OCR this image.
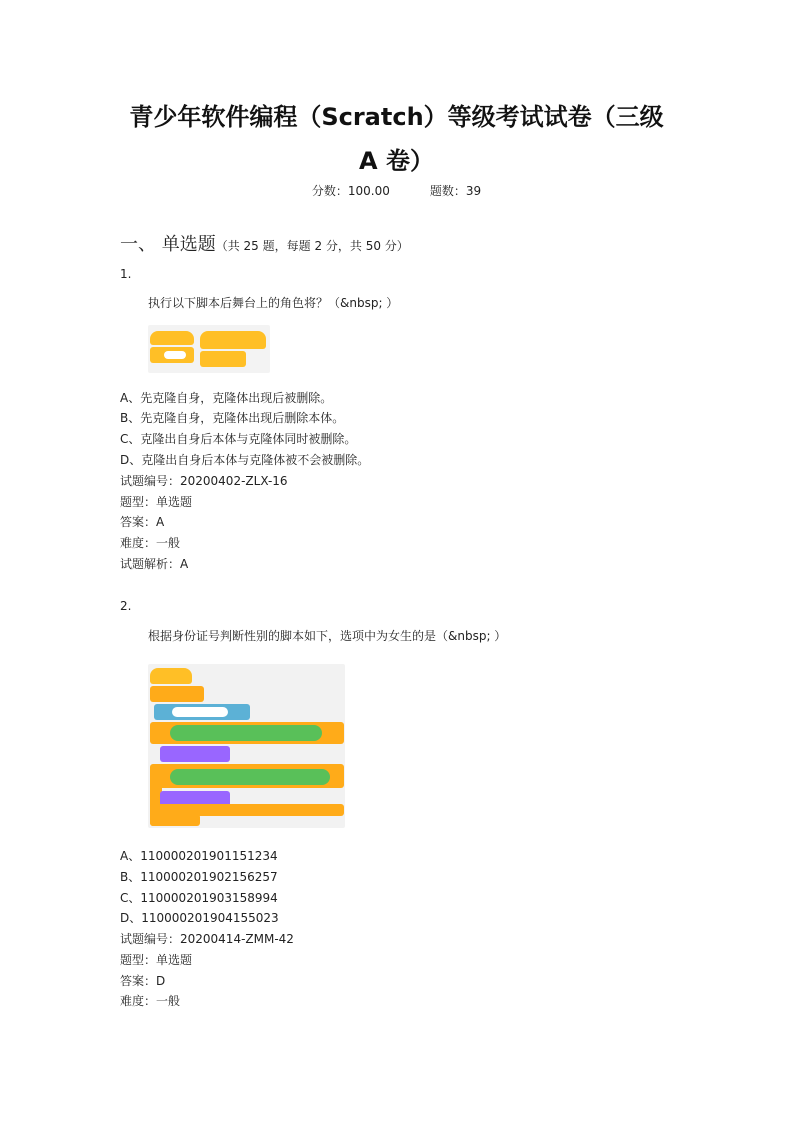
青少年软件编程（Scratch）等级考试试卷（三级
A 卷）
分数：100.00	题数：39
一、 单选题（共 25 题，每题 2 分，共 50 分）
1.
执行以下脚本后舞台上的角色将？（&nbsp; ）
A、先克隆自身，克隆体出现后被删除。
B、先克隆自身，克隆体出现后删除本体。
C、克隆出自身后本体与克隆体同时被删除。
D、克隆出自身后本体与克隆体被不会被删除。
试题编号：20200402-ZLX-16
题型：单选题
答案：A
难度：一般
试题解析：A
2.
根据身份证号判断性别的脚本如下，选项中为女生的是（&nbsp; ）
A、110000201901151234
B、110000201902156257
C、110000201903158994
D、110000201904155023
试题编号：20200414-ZMM-42
题型：单选题
答案：D
难度：一般
